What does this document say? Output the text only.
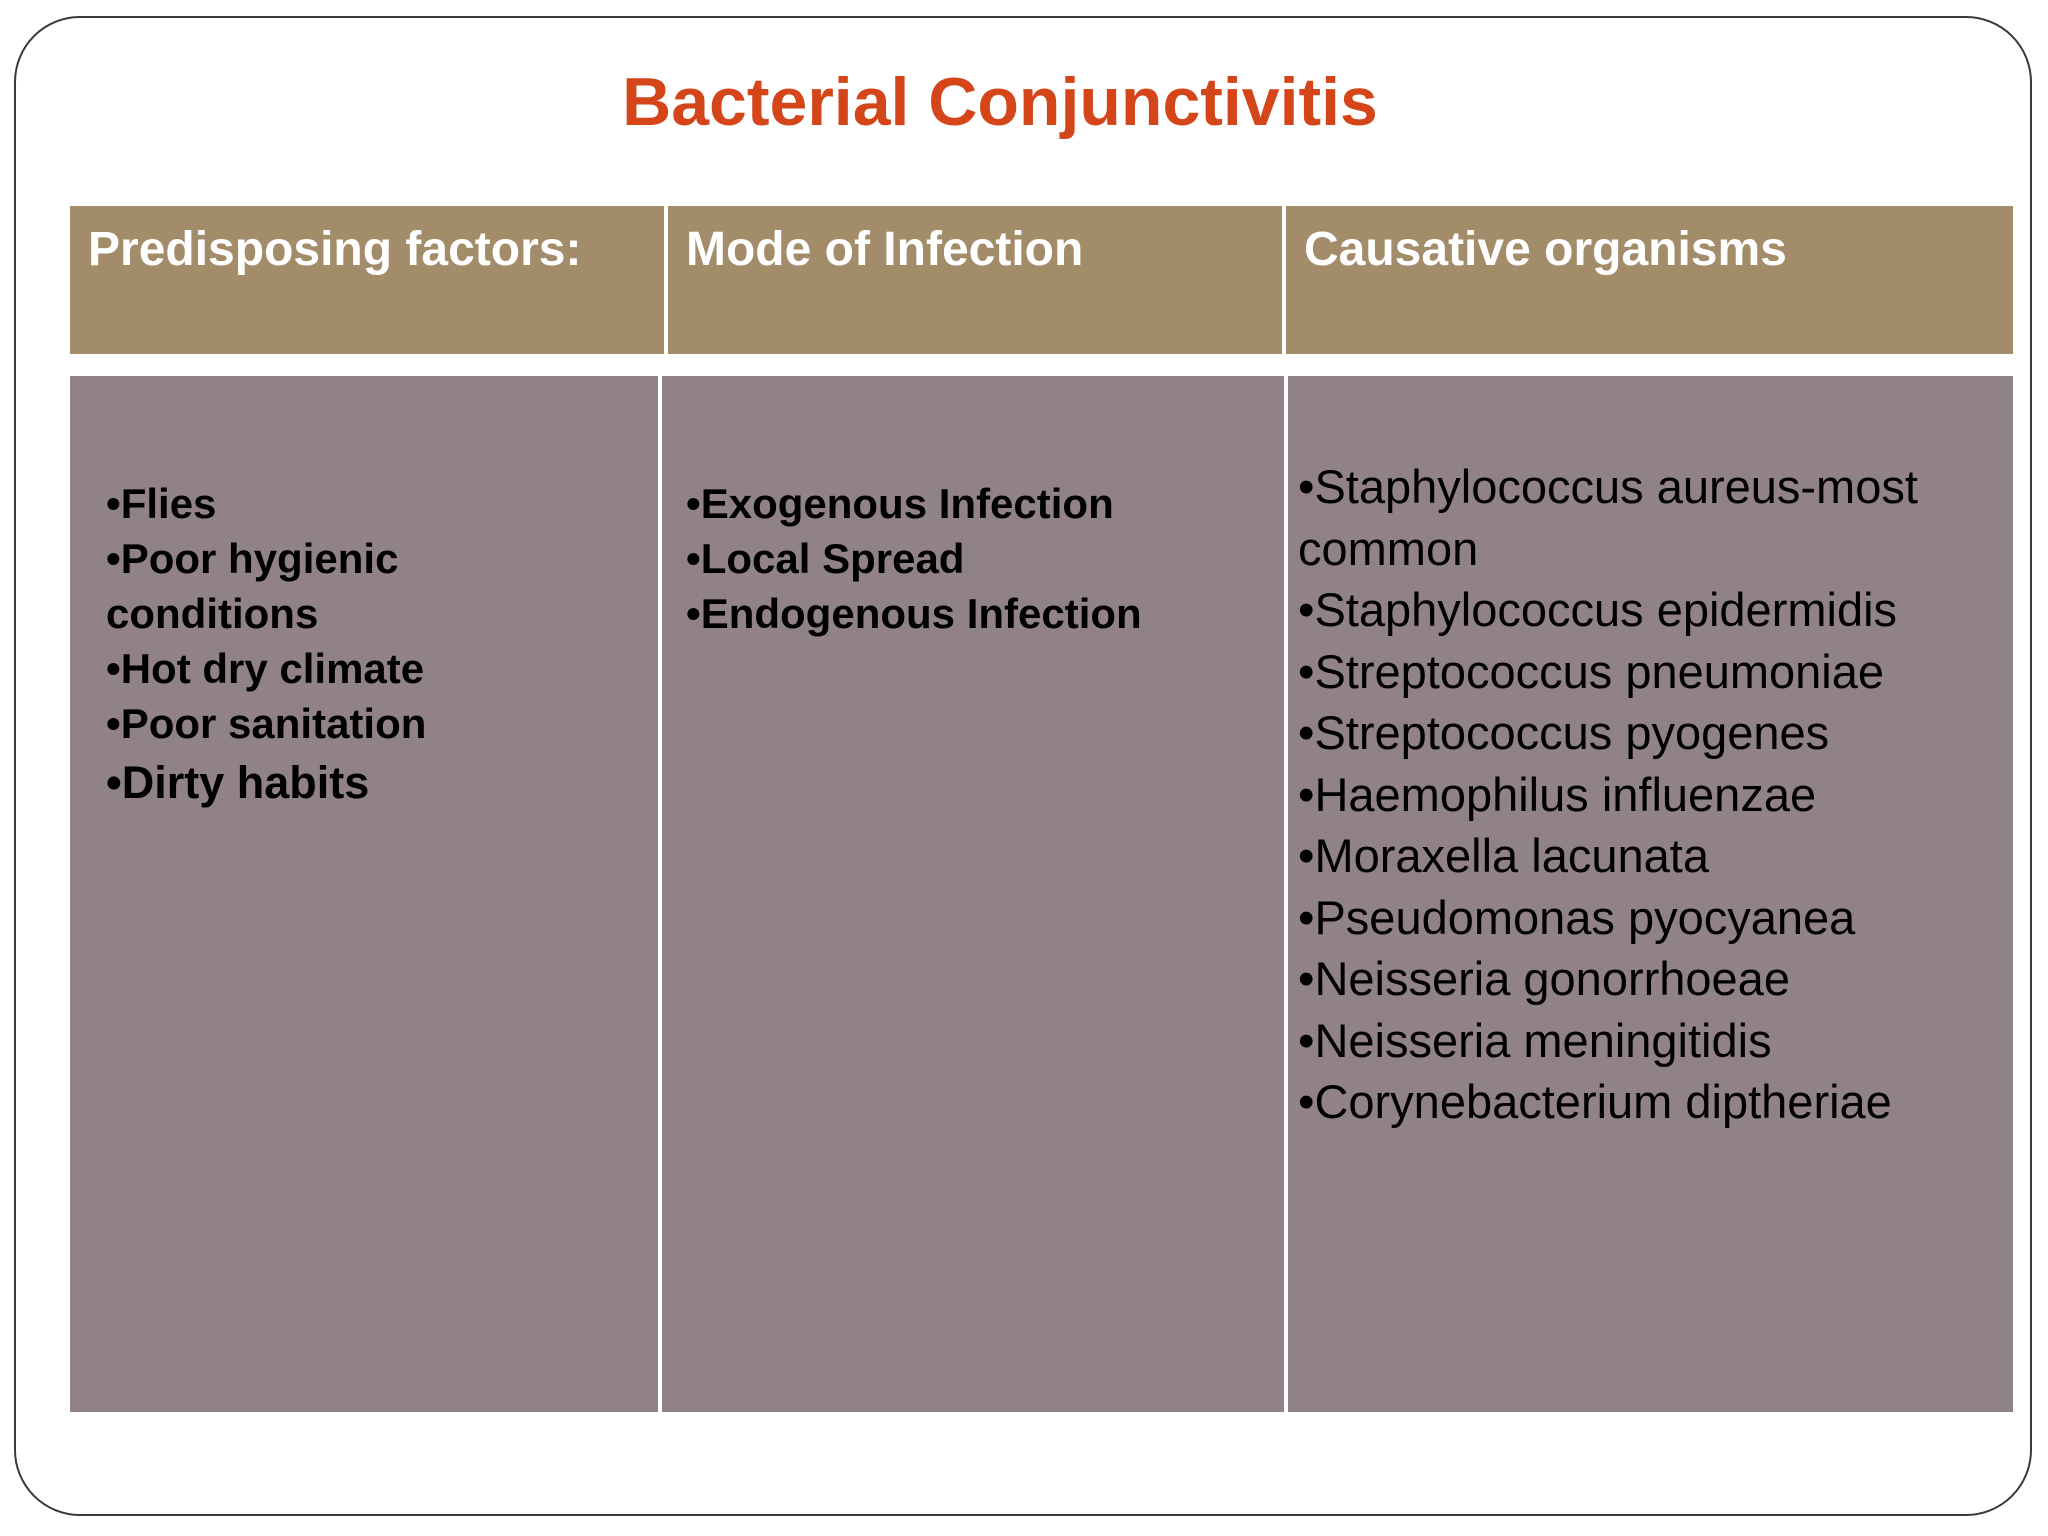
Bacterial Conjunctivitis
Predisposing factors:	Mode of Infection	Causative organisms
•Flies
•Poor hygienic
conditions
•Hot dry climate
•Poor sanitation
•Dirty habits
•Exogenous Infection
•Local Spread
•Endogenous Infection
•Staphylococcus aureus-most
common
•Staphylococcus epidermidis
•Streptococcus pneumoniae
•Streptococcus pyogenes
•Haemophilus influenzae
•Moraxella lacunata
•Pseudomonas pyocyanea
•Neisseria gonorrhoeae
•Neisseria meningitidis
•Corynebacterium diptheriae
